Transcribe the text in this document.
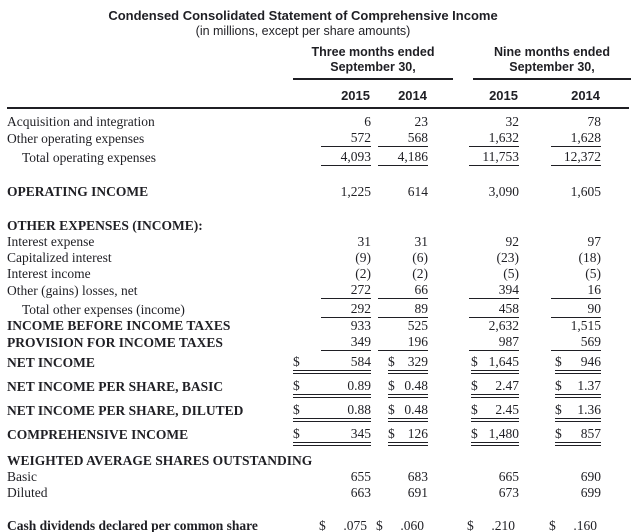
Condensed Consolidated Statement of Comprehensive Income
(in millions, except per share amounts)

Three months ended
September 30,

Nine months ended
September 30,

	2015	2014	2015	2014	
Acquisition and integration	6	23	32	78	
Other operating expenses	572	568	1,632	1,628	
Total operating expenses	4,093	4,186	11,753	12,372	

OPERATING INCOME	1,225	614	3,090	1,605	

OTHER EXPENSES (INCOME):					
Interest expense	31	31	92	97	
Capitalized interest	(9)	(6)	(23)	(18)	
Interest income	(2)	(2)	(5)	(5)	
Other (gains) losses, net	272	66	394	16	
Total other expenses (income)	292	89	458	90	
INCOME BEFORE INCOME TAXES	933	525	2,632	1,515	
PROVISION FOR INCOME TAXES	349	196	987	569	
NET INCOME	$ 584	$ 329	$ 1,645	$ 946	

NET INCOME PER SHARE, BASIC	$ 0.89	$ 0.48	$ 2.47	$ 1.37	

NET INCOME PER SHARE, DILUTED	$ 0.88	$ 0.48	$ 2.45	$ 1.36	

COMPREHENSIVE INCOME	$ 345	$ 126	$ 1,480	$ 857	

WEIGHTED AVERAGE SHARES OUTSTANDING					
Basic	655	683	665	690	
Diluted	663	691	673	699	

Cash dividends declared per common share	$ .075	$ .060	$ .210	$ .160	
